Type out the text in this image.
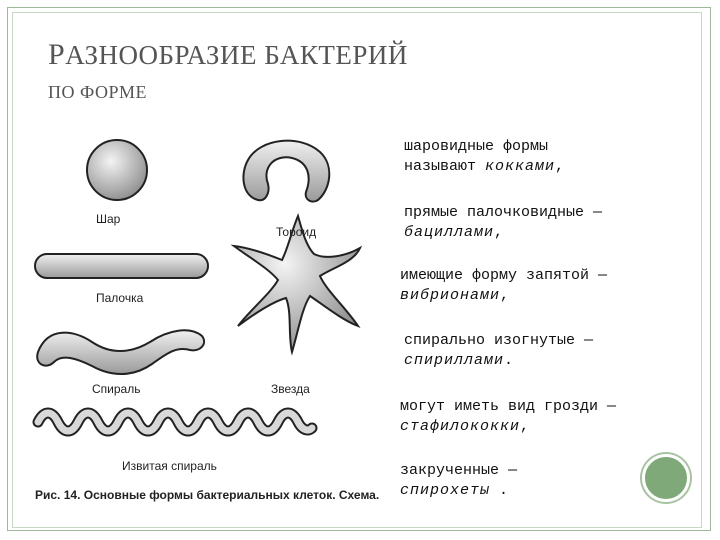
РАЗНООБРАЗИЕ БАКТЕРИЙ
ПО ФОРМЕ
Шар
Тороид
Палочка
Спираль	Звезда
Извитая спираль
Рис. 14. Основные формы бактериальных клеток. Схема.
шаровидные формы
называют кокками,
прямые палочковидные —
бациллами,
имеющие форму запятой —
вибрионами,
спирально изогнутые —
спириллами.
могут иметь вид грозди —
стафилококки,
закрученные —
спирохеты .
